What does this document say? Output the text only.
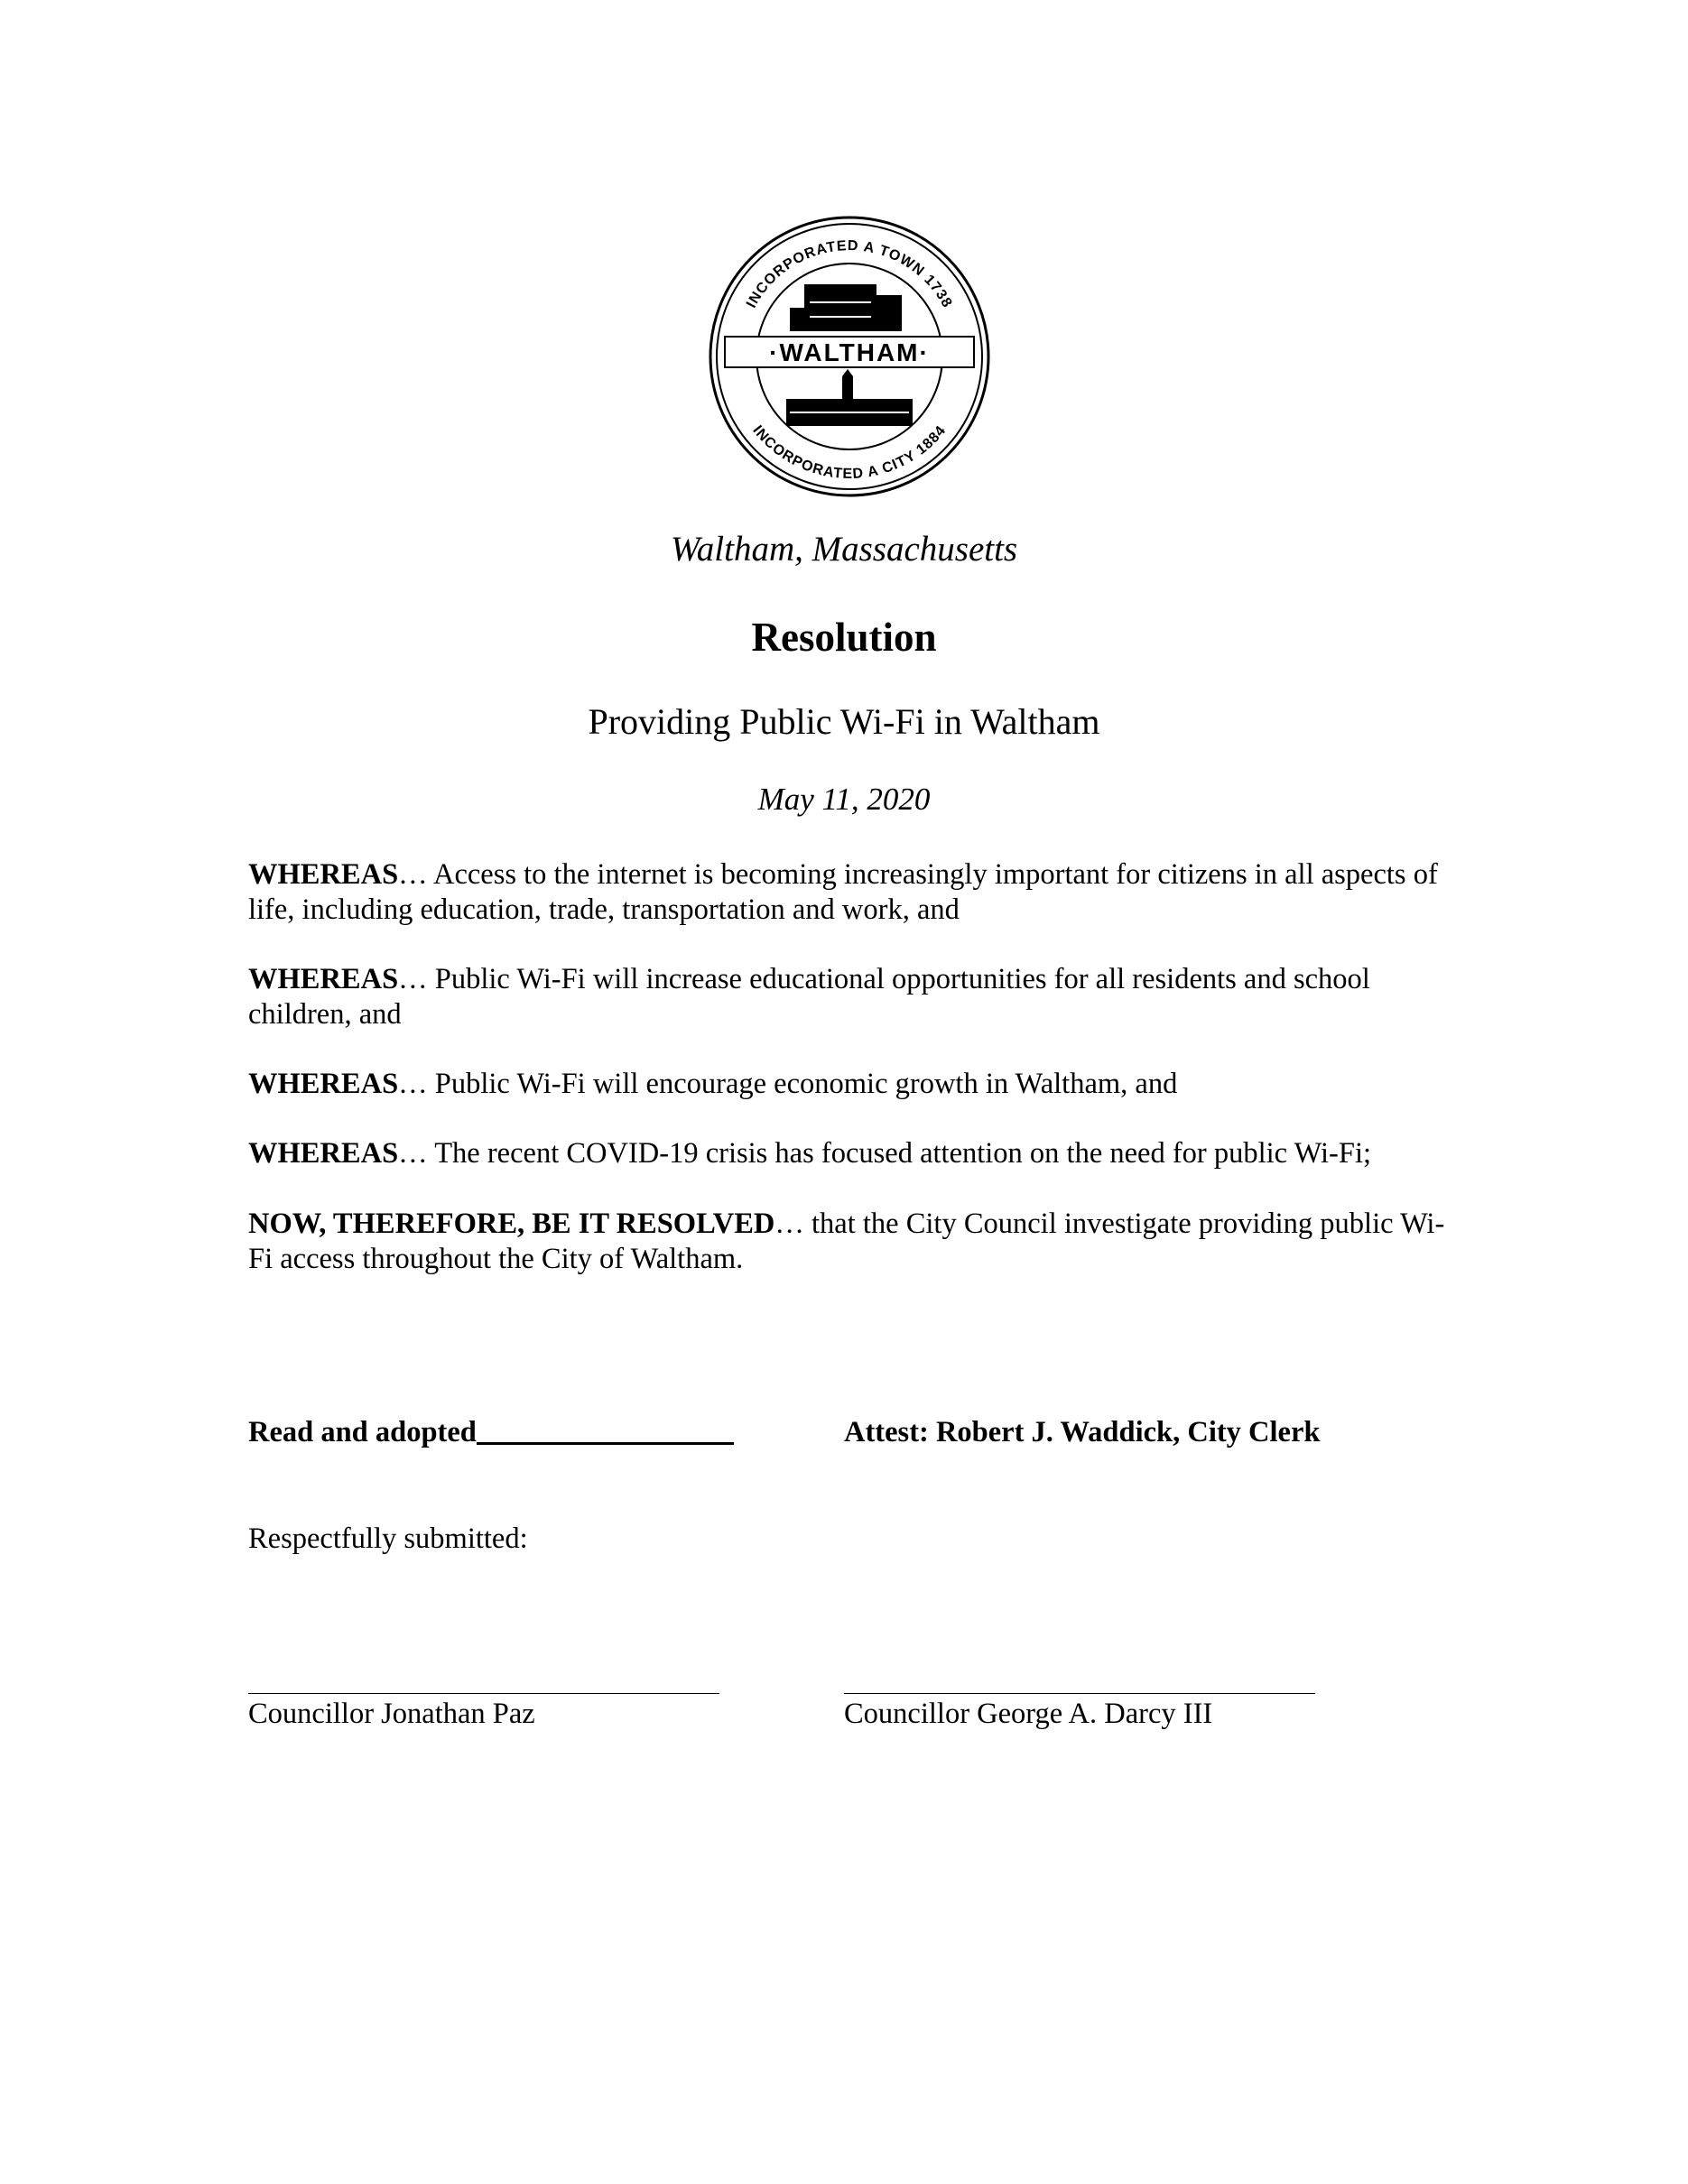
·WALTHAM·
INCORPORATED A TOWN 1738
INCORPORATED A CITY 1884
Waltham, Massachusetts
Resolution
Providing Public Wi-Fi in Waltham
May 11, 2020
WHEREAS… Access to the internet is becoming increasingly important for citizens in all aspects of life, including education, trade, transportation and work, and
WHEREAS… Public Wi-Fi will increase educational opportunities for all residents and school children, and
WHEREAS… Public Wi-Fi will encourage economic growth in Waltham, and
WHEREAS… The recent COVID-19 crisis has focused attention on the need for public Wi-Fi;
NOW, THEREFORE, BE IT RESOLVED… that the City Council investigate providing public Wi-Fi access throughout the City of Waltham.
Read and adopted	Attest: Robert J. Waddick, City Clerk
Respectfully submitted:
Councillor Jonathan Paz	Councillor George A. Darcy III
